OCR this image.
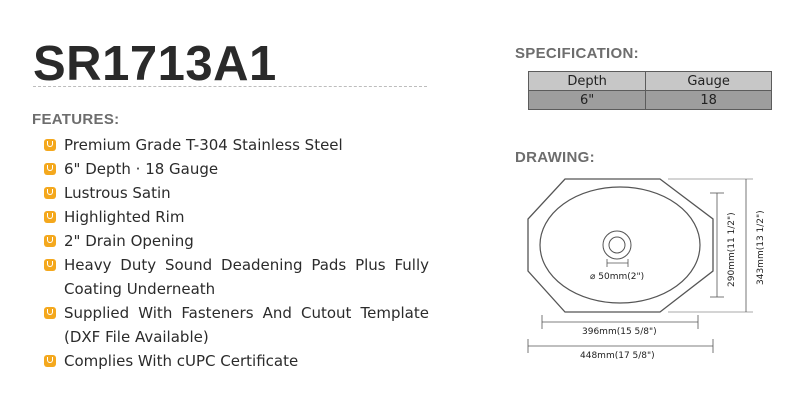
SR1713A1
FEATURES:
Premium Grade T-304 Stainless Steel
6" Depth · 18 Gauge
Lustrous Satin
Highlighted Rim
2" Drain Opening
Heavy Duty Sound Deadening Pads Plus Fully Coating Underneath
Supplied With Fasteners And Cutout Template (DXF File Available)
Complies With cUPC Certificate
SPECIFICATION:
Depth	Gauge
6"	18
DRAWING:
⌀ 50mm(2")
396mm(15 5/8")
448mm(17 5/8")
290mm(11 1/2") 343mm(13 1/2")
